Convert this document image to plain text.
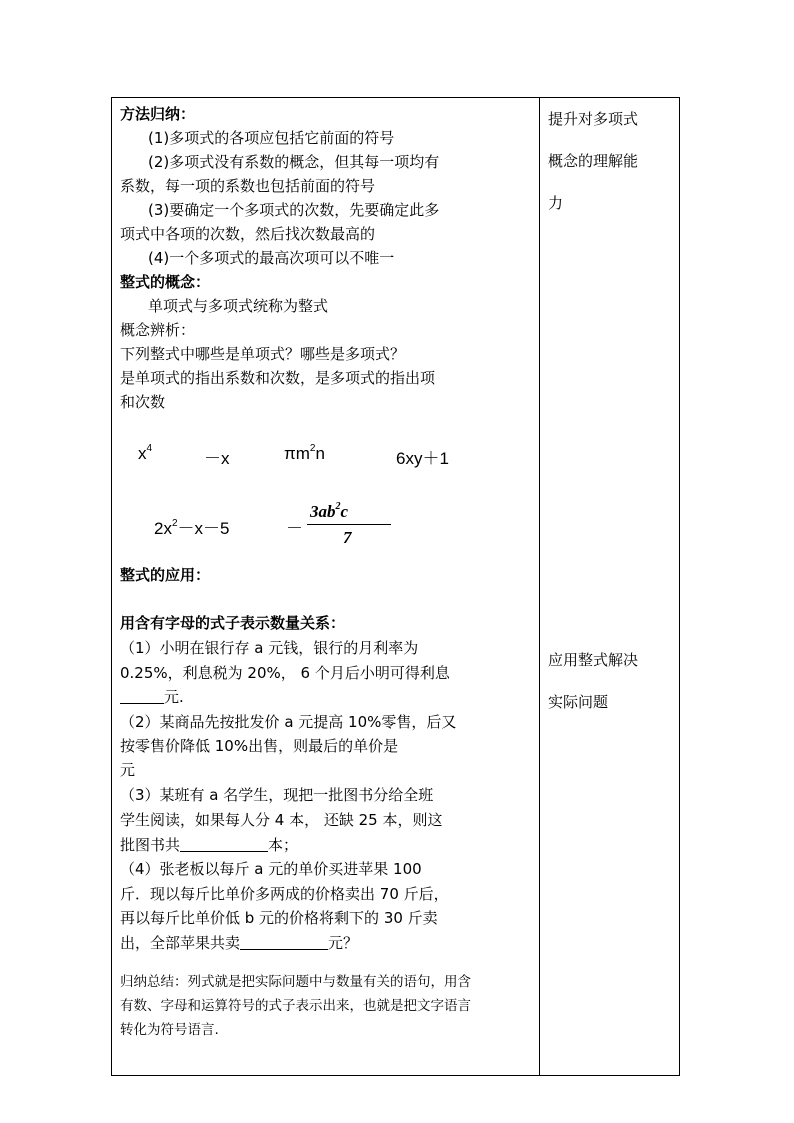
方法归纳：
(1)多项式的各项应包括它前面的符号
(2)多项式没有系数的概念，但其每一项均有
系数，每一项的系数也包括前面的符号
(3)要确定一个多项式的次数，先要确定此多
项式中各项的次数，然后找次数最高的
(4)一个多项式的最高次项可以不唯一
整式的概念：
单项式与多项式统称为整式
概念辨析：
下列整式中哪些是单项式？哪些是多项式？
是单项式的指出系数和次数，是多项式的指出项
和次数
$x^4$
－x	$\pi m^2n$	6xy＋1
$2x^2-x-5$	－
$3ab^2c$
7
整式的应用：
用含有字母的式子表示数量关系：
（1）小明在银行存 a 元钱，银行的月利率为
0.25%，利息税为 20%， 6 个月后小明可得利息
元.
（2）某商品先按批发价 a 元提高 10%零售，后又
按零售价降低 10%出售，则最后的单价是
元
（3）某班有 a 名学生，现把一批图书分给全班
学生阅读，如果每人分 4 本， 还缺 25 本，则这
批图书共	本；
（4）张老板以每斤 a 元的单价买进苹果 100
斤．现以每斤比单价多两成的价格卖出 70 斤后，
再以每斤比单价低 b 元的价格将剩下的 30 斤卖
出，全部苹果共卖	元？
归纳总结：列式就是把实际问题中与数量有关的语句，用含
有数、字母和运算符号的式子表示出来，也就是把文字语言
转化为符号语言.
提升对多项式
概念的理解能
力
应用整式解决
实际问题
